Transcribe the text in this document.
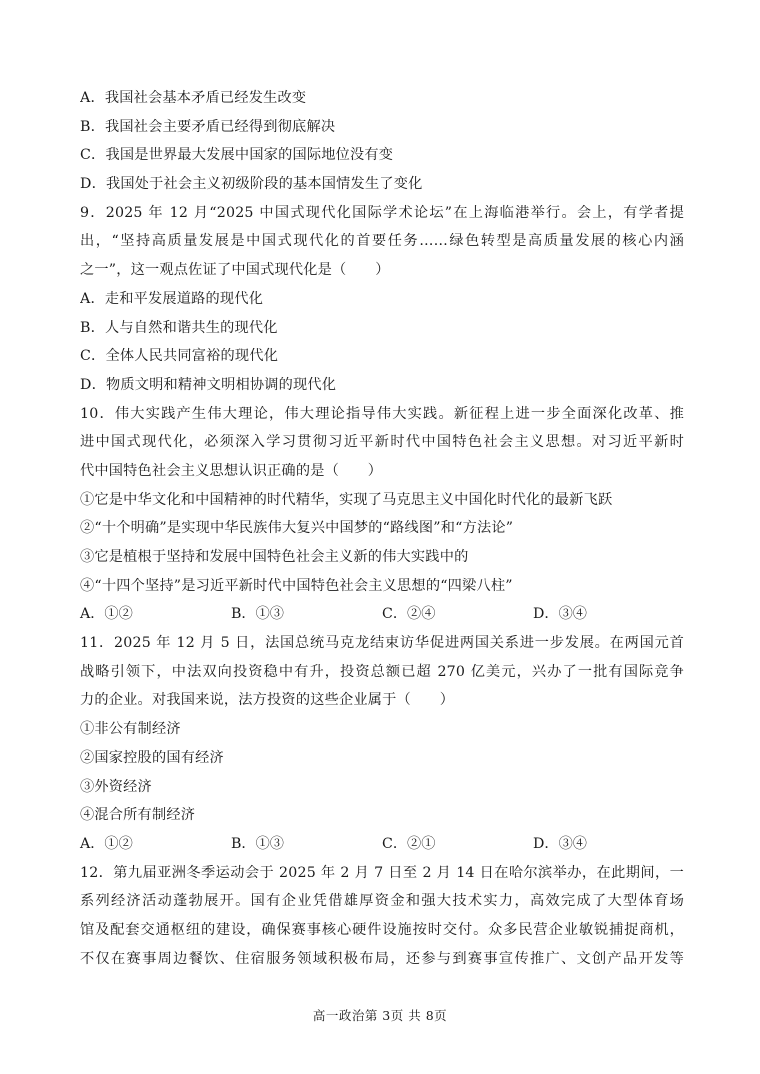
A．我国社会基本矛盾已经发生改变
B．我国社会主要矛盾已经得到彻底解决
C．我国是世界最大发展中国家的国际地位没有变
D．我国处于社会主义初级阶段的基本国情发生了变化
9．2025 年 12 月“2025 中国式现代化国际学术论坛”在上海临港举行。会上，有学者提
出，“坚持高质量发展是中国式现代化的首要任务……绿色转型是高质量发展的核心内涵
之一”，这一观点佐证了中国式现代化是（　　）
A．走和平发展道路的现代化
B．人与自然和谐共生的现代化
C．全体人民共同富裕的现代化
D．物质文明和精神文明相协调的现代化
10．伟大实践产生伟大理论，伟大理论指导伟大实践。新征程上进一步全面深化改革、推
进中国式现代化，必须深入学习贯彻习近平新时代中国特色社会主义思想。对习近平新时
代中国特色社会主义思想认识正确的是（　　）
①它是中华文化和中国精神的时代精华，实现了马克思主义中国化时代化的最新飞跃
②“十个明确”是实现中华民族伟大复兴中国梦的“路线图”和“方法论”
③它是植根于坚持和发展中国特色社会主义新的伟大实践中的
④“十四个坚持”是习近平新时代中国特色社会主义思想的“四梁八柱”
A．①②	B．①③	C．②④	D．③④
11．2025 年 12 月 5 日，法国总统马克龙结束访华促进两国关系进一步发展。在两国元首
战略引领下，中法双向投资稳中有升，投资总额已超 270 亿美元，兴办了一批有国际竞争
力的企业。对我国来说，法方投资的这些企业属于（　　）
①非公有制经济
②国家控股的国有经济
③外资经济
④混合所有制经济
A．①②	B．①③	C．②①	D．③④
12．第九届亚洲冬季运动会于 2025 年 2 月 7 日至 2 月 14 日在哈尔滨举办，在此期间，一
系列经济活动蓬勃展开。国有企业凭借雄厚资金和强大技术实力，高效完成了大型体育场
馆及配套交通枢纽的建设，确保赛事核心硬件设施按时交付。众多民营企业敏锐捕捉商机，
不仅在赛事周边餐饮、住宿服务领域积极布局，还参与到赛事宣传推广、文创产品开发等
高一政治第 3页 共 8页
